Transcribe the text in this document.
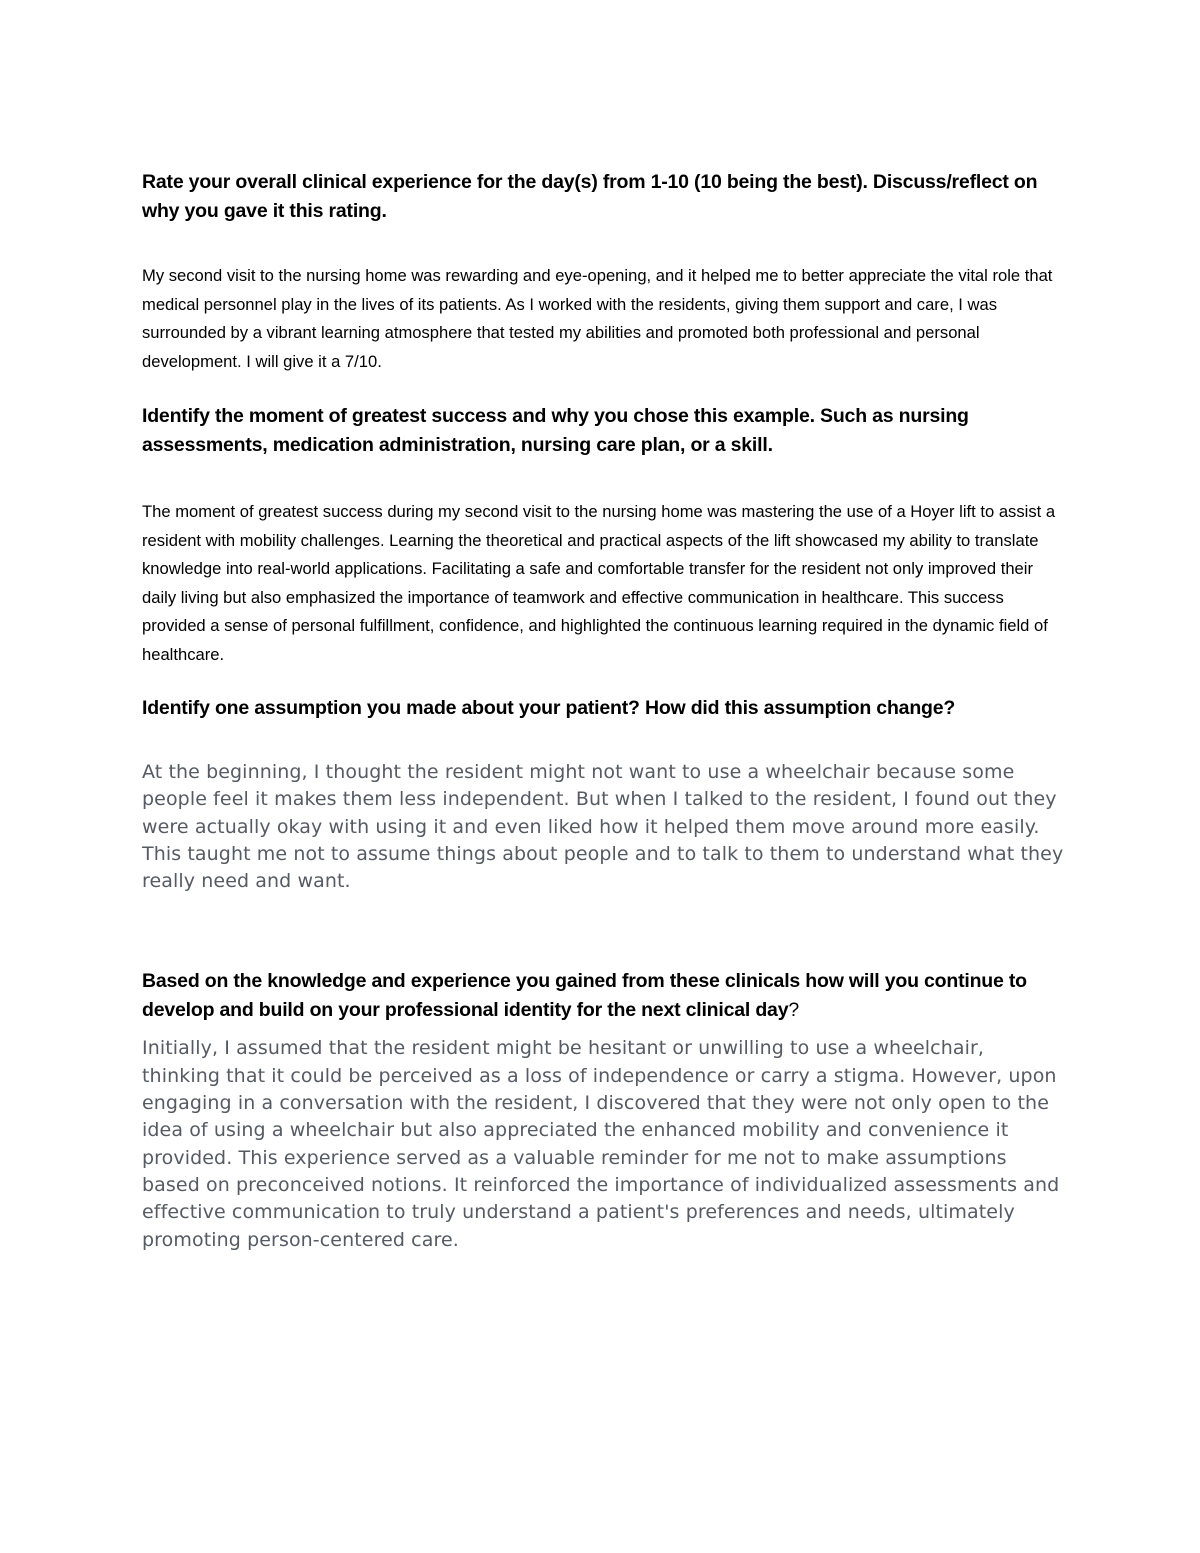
Rate your overall clinical experience for the day(s) from 1-10 (10 being the best). Discuss/reflect on why you gave it this rating.

My second visit to the nursing home was rewarding and eye-opening, and it helped me to better appreciate the vital role that medical personnel play in the lives of its patients. As I worked with the residents, giving them support and care, I was surrounded by a vibrant learning atmosphere that tested my abilities and promoted both professional and personal development. I will give it a 7/10.

Identify the moment of greatest success and why you chose this example. Such as nursing assessments, medication administration, nursing care plan, or a skill.

The moment of greatest success during my second visit to the nursing home was mastering the use of a Hoyer lift to assist a resident with mobility challenges. Learning the theoretical and practical aspects of the lift showcased my ability to translate knowledge into real-world applications. Facilitating a safe and comfortable transfer for the resident not only improved their daily living but also emphasized the importance of teamwork and effective communication in healthcare. This success provided a sense of personal fulfillment, confidence, and highlighted the continuous learning required in the dynamic field of healthcare.

Identify one assumption you made about your patient? How did this assumption change?

At the beginning, I thought the resident might not want to use a wheelchair because some people feel it makes them less independent. But when I talked to the resident, I found out they were actually okay with using it and even liked how it helped them move around more easily. This taught me not to assume things about people and to talk to them to understand what they really need and want.

Based on the knowledge and experience you gained from these clinicals how will you continue to develop and build on your professional identity for the next clinical day?

Initially, I assumed that the resident might be hesitant or unwilling to use a wheelchair, thinking that it could be perceived as a loss of independence or carry a stigma. However, upon engaging in a conversation with the resident, I discovered that they were not only open to the idea of using a wheelchair but also appreciated the enhanced mobility and convenience it provided. This experience served as a valuable reminder for me not to make assumptions based on preconceived notions. It reinforced the importance of individualized assessments and effective communication to truly understand a patient's preferences and needs, ultimately promoting person-centered care.
